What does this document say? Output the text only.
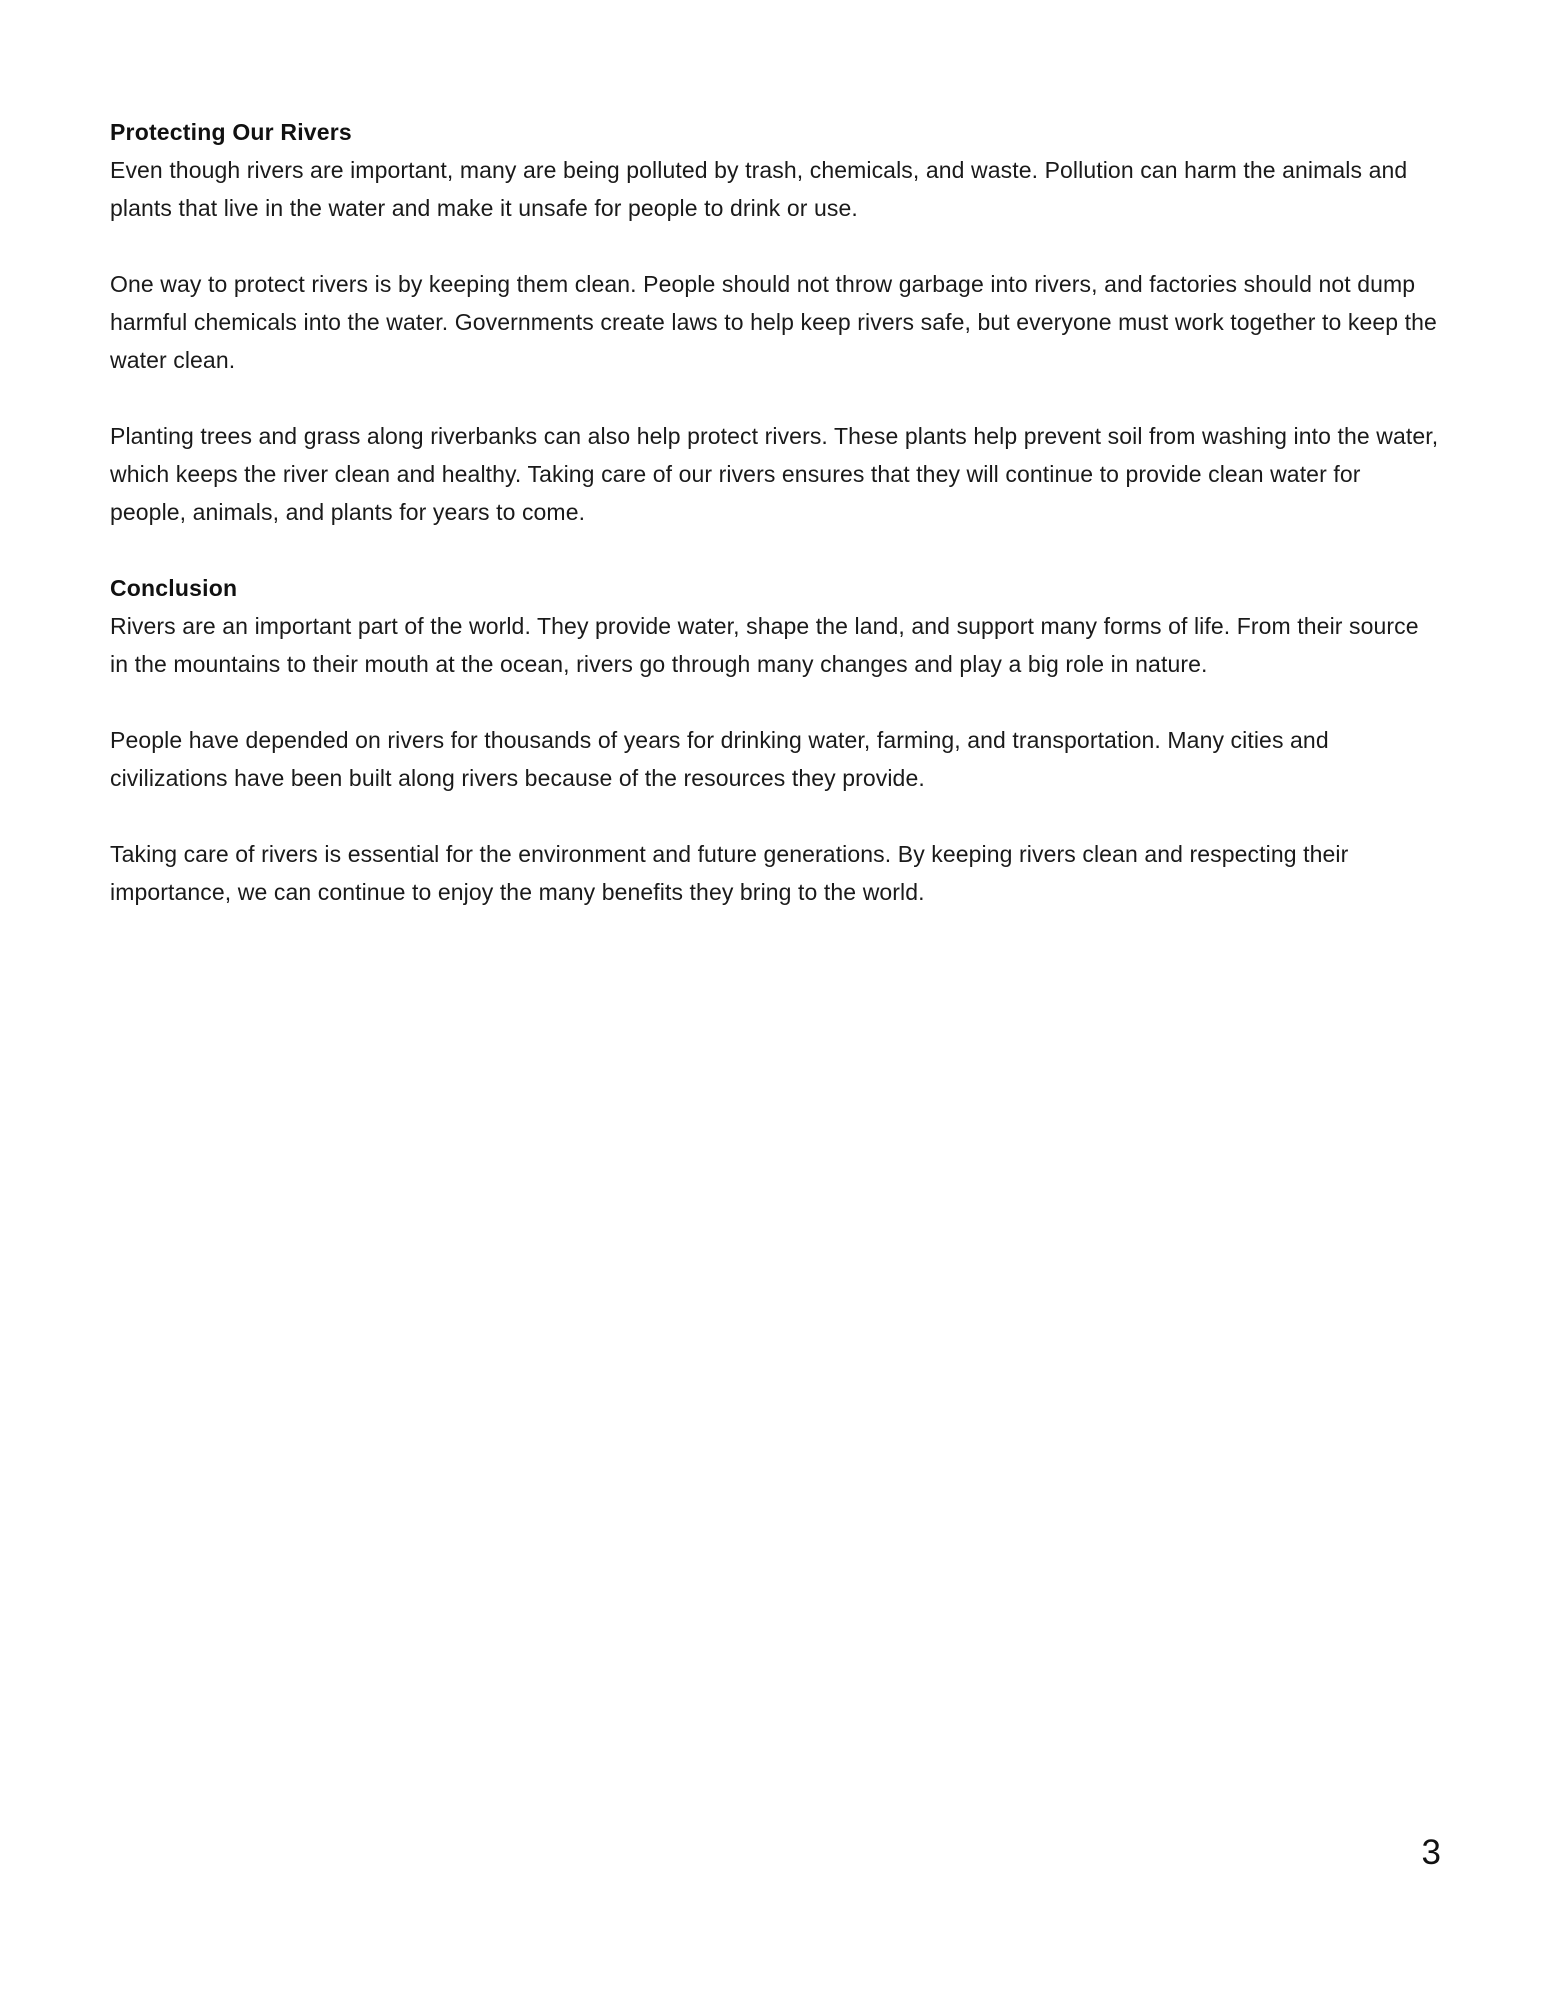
Protecting Our Rivers

Even though rivers are important, many are being polluted by trash, chemicals, and waste. Pollution can harm the animals and plants that live in the water and make it unsafe for people to drink or use.

One way to protect rivers is by keeping them clean. People should not throw garbage into rivers, and factories should not dump harmful chemicals into the water. Governments create laws to help keep rivers safe, but everyone must work together to keep the water clean.

Planting trees and grass along riverbanks can also help protect rivers. These plants help prevent soil from washing into the water, which keeps the river clean and healthy. Taking care of our rivers ensures that they will continue to provide clean water for people, animals, and plants for years to come.

Conclusion

Rivers are an important part of the world. They provide water, shape the land, and support many forms of life. From their source in the mountains to their mouth at the ocean, rivers go through many changes and play a big role in nature.

People have depended on rivers for thousands of years for drinking water, farming, and transportation. Many cities and civilizations have been built along rivers because of the resources they provide.

Taking care of rivers is essential for the environment and future generations. By keeping rivers clean and respecting their importance, we can continue to enjoy the many benefits they bring to the world.

3
